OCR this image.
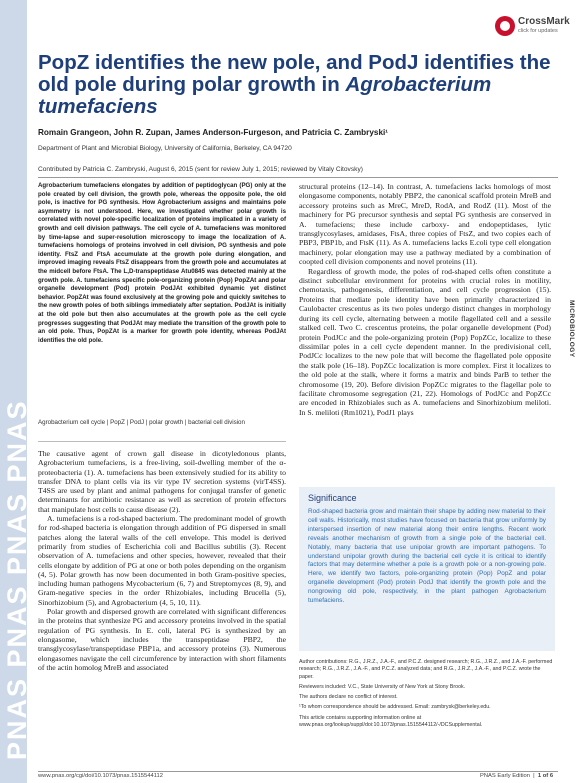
PNAS PNAS PNAS PNAS
CrossMark
click for updates
PopZ identifies the new pole, and PodJ identifies the old pole during polar growth in Agrobacterium tumefaciens
Romain Grangeon, John R. Zupan, James Anderson-Furgeson, and Patricia C. Zambryski¹
Department of Plant and Microbial Biology, University of California, Berkeley, CA 94720
Contributed by Patricia C. Zambryski, August 6, 2015 (sent for review July 1, 2015; reviewed by Vitaly Citovsky)

Agrobacterium tumefaciens elongates by addition of peptidoglycan (PG) only at the pole created by cell division, the growth pole, whereas the opposite pole, the old pole, is inactive for PG synthesis. How Agrobacterium assigns and maintains pole asymmetry is not understood. Here, we investigated whether polar growth is correlated with novel pole-specific localization of proteins implicated in a variety of growth and cell division pathways. The cell cycle of A. tumefaciens was monitored by time-lapse and super-resolution microscopy to image the localization of A. tumefaciens homologs of proteins involved in cell division, PG synthesis and pole identity. FtsZ and FtsA accumulate at the growth pole during elongation, and improved imaging reveals FtsZ disappears from the growth pole and accumulates at the midcell before FtsA. The L,D-transpeptidase Atu0845 was detected mainly at the growth pole. A. tumefaciens specific pole-organizing protein (Pop) PopZAt and polar organelle development (Pod) protein PodJAt exhibited dynamic yet distinct behavior. PopZAt was found exclusively at the growing pole and quickly switches to the new growth poles of both siblings immediately after septation. PodJAt is initially at the old pole but then also accumulates at the growth pole as the cell cycle progresses suggesting that PodJAt may mediate the transition of the growth pole to an old pole. Thus, PopZAt is a marker for growth pole identity, whereas PodJAt identifies the old pole.

Agrobacterium cell cycle | PopZ | PodJ | polar growth | bacterial cell division

The causative agent of crown gall disease in dicotyledonous plants, Agrobacterium tumefaciens, is a free-living, soil-dwelling member of the α-proteobacteria (1). A. tumefaciens has been extensively studied for its ability to transfer DNA to plant cells via its vir type IV secretion systems (virT4SS). T4SS are used by plant and animal pathogens for conjugal transfer of genetic determinants for antibiotic resistance as well as secretion of protein effectors that manipulate host cells to cause disease (2).

A. tumefaciens is a rod-shaped bacterium. The predominant model of growth for rod-shaped bacteria is elongation through addition of PG dispersed in small patches along the lateral walls of the cell envelope. This model is derived primarily from studies of Escherichia coli and Bacillus subtilis (3). Recent observation of A. tumefaciens and other species, however, revealed that their cells elongate by addition of PG at one or both poles depending on the organism (4, 5). Polar growth has now been documented in both Gram-positive species, including human pathogens Mycobacterium (6, 7) and Streptomyces (8, 9), and Gram-negative species in the order Rhizobiales, including Brucella (5), Sinorhizobium (5), and Agrobacterium (4, 5, 10, 11).

Polar growth and dispersed growth are correlated with significant differences in the proteins that synthesize PG and accessory proteins involved in the spatial regulation of PG synthesis. In E. coli, lateral PG is synthesized by an elongasome, which includes the transpeptidase PBP2, the transglycosylase/transpeptidase PBP1a, and accessory proteins (3). Numerous elongasomes navigate the cell circumference by interaction with short filaments of the actin homolog MreB and associated

structural proteins (12–14). In contrast, A. tumefaciens lacks homologs of most elongasome components, notably PBP2, the canonical scaffold protein MreB and accessory proteins such as MreC, MreD, RodA, and RodZ (11). Most of the machinery for PG precursor synthesis and septal PG synthesis are conserved in A. tumefaciens; these include carboxy- and endopeptidases, lytic transglycosylases, amidases, FtsA, three copies of FtsZ, and two copies each of PBP3, PBP1b, and FtsK (11). As A. tumefaciens lacks E.coli type cell elongation machinery, polar elongation may use a pathway mediated by a combination of coopted cell division components and novel proteins (11).

Regardless of growth mode, the poles of rod-shaped cells often constitute a distinct subcellular environment for proteins with crucial roles in motility, chemotaxis, pathogenesis, differentiation, and cell cycle progression (15). Proteins that mediate pole identity have been primarily characterized in Caulobacter crescentus as its two poles undergo distinct changes in morphology during its cell cycle, alternating between a motile flagellated cell and a sessile stalked cell. Two C. crescentus proteins, the polar organelle development (Pod) protein PodJCc and the pole-organizing protein (Pop) PopZCc, localize to these dissimilar poles in a cell cycle dependent manner. In the predivisional cell, PodJCc localizes to the new pole that will become the flagellated pole opposite the stalk pole (16–18). PopZCc localization is more complex. First it localizes to the old pole at the stalk, where it forms a matrix and binds ParB to tether the chromosome (19, 20). Before division PopZCc migrates to the flagellar pole to facilitate chromosome segregation (21, 22). Homologs of PodJCc and PopZCc are encoded in Rhizobiales such as A. tumefaciens and Sinorhizobium meliloti. In S. meliloti (Rm1021), PodJ1 plays

MICROBIOLOGY
Significance

Rod-shaped bacteria grow and maintain their shape by adding new material to their cell walls. Historically, most studies have focused on bacteria that grow uniformly by interspersed insertion of new material along their entire lengths. Recent work reveals another mechanism of growth from a single pole of the bacterial cell. Notably, many bacteria that use unipolar growth are important pathogens. To understand unipolar growth during the bacterial cell cycle it is critical to identify factors that may determine whether a pole is a growth pole or a non-growing pole. Here, we identify two factors, pole-organizing protein (Pop) PopZ and polar organelle development (Pod) protein PodJ that identify the growth pole and the nongrowing old pole, respectively, in the plant pathogen Agrobacterium tumefaciens.

Author contributions: R.G., J.R.Z., J.A.-F., and P.C.Z. designed research; R.G., J.R.Z., and J.A.-F. performed research; R.G., J.R.Z., J.A.-F., and P.C.Z. analyzed data; and R.G., J.R.Z., J.A.-F., and P.C.Z. wrote the paper.

Reviewers included: V.C., State University of New York at Stony Brook.

The authors declare no conflict of interest.

¹To whom correspondence should be addressed. Email: zambrysk@berkeley.edu.

This article contains supporting information online at www.pnas.org/lookup/suppl/doi:10.1073/pnas.1515544112/-/DCSupplemental.

www.pnas.org/cgi/doi/10.1073/pnas.1515544112	PNAS Early Edition  |  1 of 6
